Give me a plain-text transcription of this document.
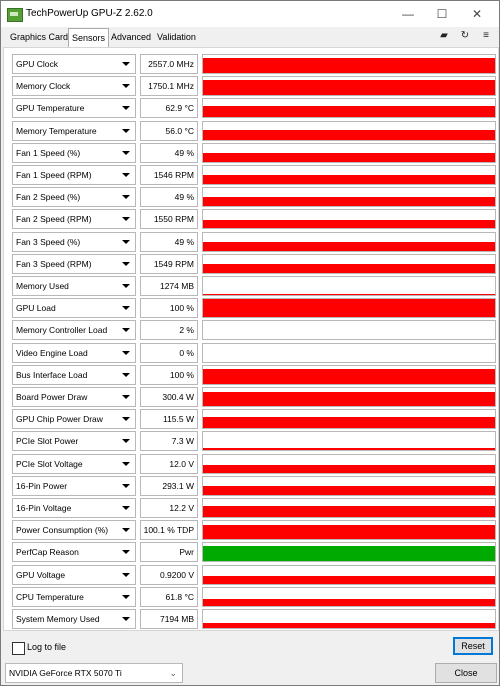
TechPowerUp GPU-Z 2.62.0	—	☐	✕
Graphics Card Sensors Advanced Validation	▰ ↻	≡
GPU Clock	2557.0 MHz
Memory Clock	1750.1 MHz
GPU Temperature	62.9 °C
Memory Temperature	56.0 °C
Fan 1 Speed (%)	49 %
Fan 1 Speed (RPM)	1546 RPM
Fan 2 Speed (%)	49 %
Fan 2 Speed (RPM)	1550 RPM
Fan 3 Speed (%)	49 %
Fan 3 Speed (RPM)	1549 RPM
Memory Used	1274 MB
GPU Load	100 %
Memory Controller Load	2 %
Video Engine Load	0 %
Bus Interface Load	100 %
Board Power Draw	300.4 W
GPU Chip Power Draw	115.5 W
PCIe Slot Power	7.3 W
PCIe Slot Voltage	12.0 V
16-Pin Power	293.1 W
16-Pin Voltage	12.2 V
Power Consumption (%)	100.1 % TDP
PerfCap Reason	Pwr
GPU Voltage	0.9200 V
CPU Temperature	61.8 °C
System Memory Used	7194 MB
Log to file	Reset
NVIDIA GeForce RTX 5070 Ti	⌄	Close
